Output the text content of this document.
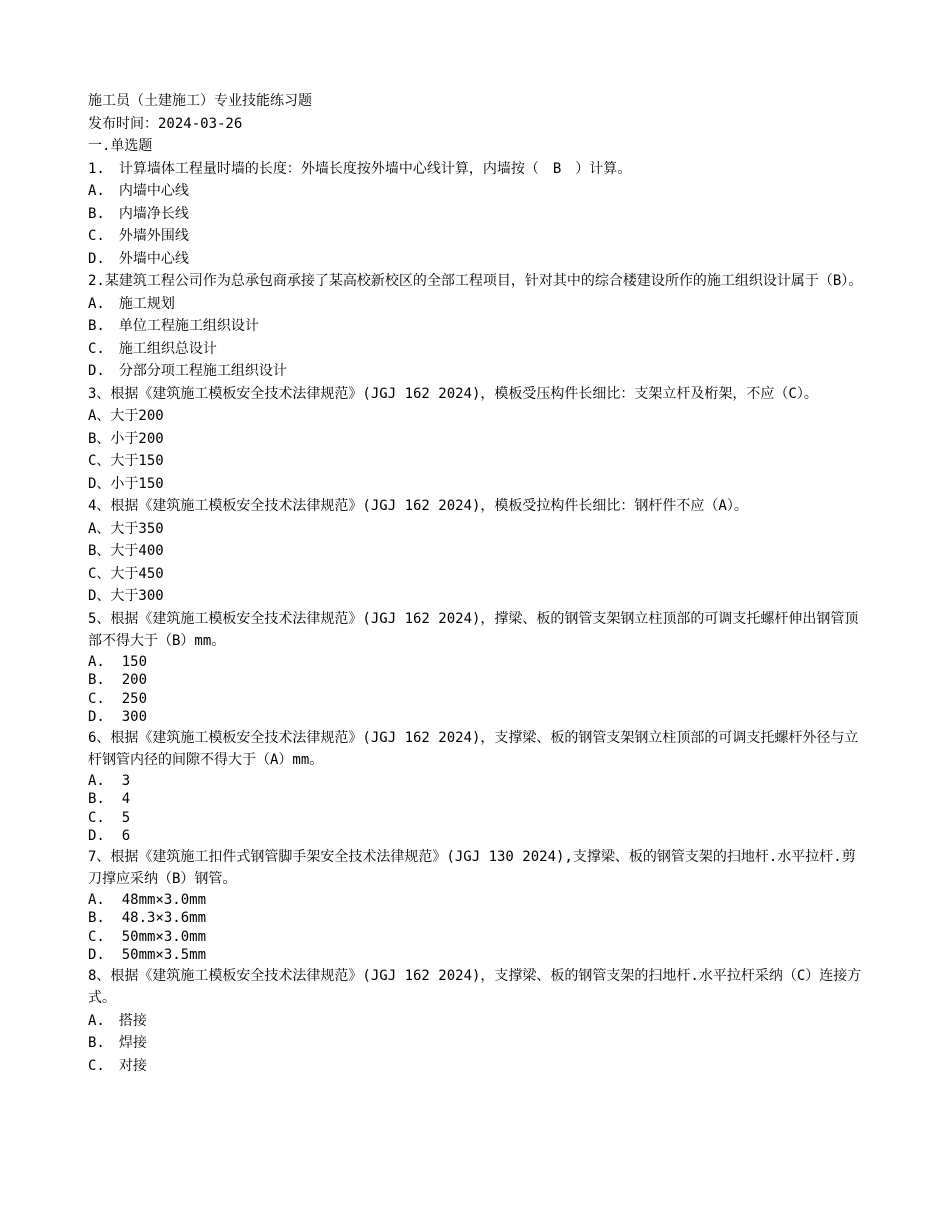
施工员（土建施工）专业技能练习题
发布时间：2024-03-26
一.单选题
1.　计算墙体工程量时墙的长度：外墙长度按外墙中心线计算，内墙按（　B　）计算。
A.　内墙中心线
B.　内墙净长线
C.　外墙外围线
D.　外墙中心线
2.某建筑工程公司作为总承包商承接了某高校新校区的全部工程项目，针对其中的综合楼建设所作的施工组织设计属于（B）。
A.　施工规划
B.　单位工程施工组织设计
C.　施工组织总设计
D.　分部分项工程施工组织设计
3、根据《建筑施工模板安全技术法律规范》(JGJ 162 2024)，模板受压构件长细比：支架立杆及桁架，不应（C）。
A、大于200
B、小于200
C、大于150
D、小于150
4、根据《建筑施工模板安全技术法律规范》(JGJ 162 2024)，模板受拉构件长细比：钢杆件不应（A）。
A、大于350
B、大于400
C、大于450
D、大于300
5、根据《建筑施工模板安全技术法律规范》(JGJ 162 2024)，撑梁、板的钢管支架钢立柱顶部的可调支托螺杆伸出钢管顶部不得大于（B）mm。
A.  150
B.  200
C.  250
D.  300
6、根据《建筑施工模板安全技术法律规范》(JGJ 162 2024)，支撑梁、板的钢管支架钢立柱顶部的可调支托螺杆外径与立杆钢管内径的间隙不得大于（A）mm。
A.  3
B.  4
C.  5
D.  6
7、根据《建筑施工扣件式钢管脚手架安全技术法律规范》(JGJ 130 2024),支撑梁、板的钢管支架的扫地杆.水平拉杆.剪刀撑应采纳（B）钢管。
A.  48mm×3.0mm
B.  48.3×3.6mm
C.  50mm×3.0mm
D.  50mm×3.5mm
8、根据《建筑施工模板安全技术法律规范》(JGJ 162 2024)，支撑梁、板的钢管支架的扫地杆.水平拉杆采纳（C）连接方式。
A.　搭接
B.　焊接
C.　对接
